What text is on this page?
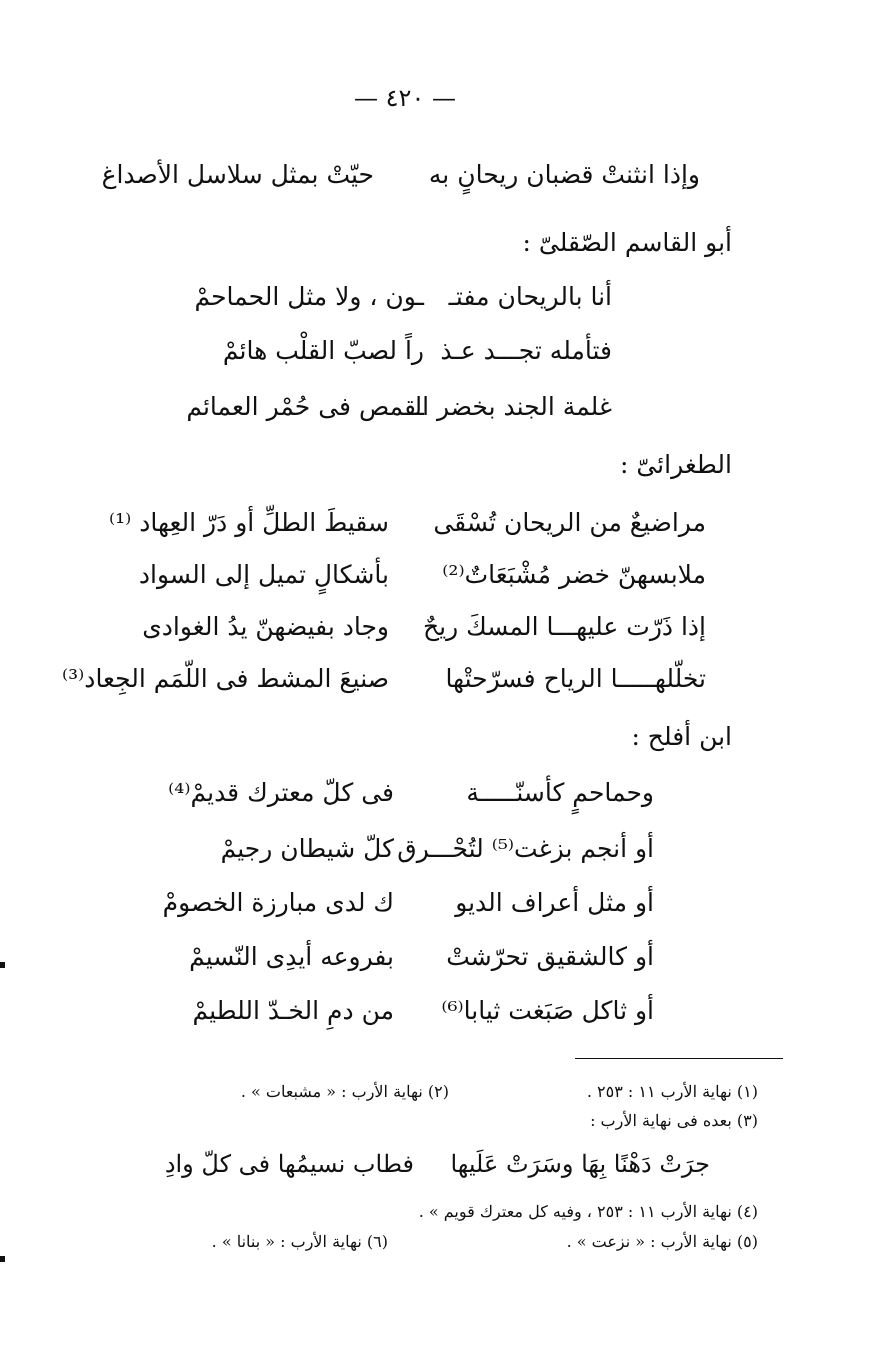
— ٤٢٠ —
وإذا انثنتْ قضبان ريحانٍ به
حيّتْ بمثل سلاسل الأصداغ
أبو القاسم الصّقلىّ :
أنا بالريحان مفتـ
ـون ، ولا مثل الحماحمْ
فتأمله تجـــد عـذ
راً لصبّ القلْب هائمْ
غلمة الجند بخضر الـ
ـقمص فى حُمْر العمائم
الطغرائىّ :
مراضيعٌ من الريحان تُسْقَى
سقيطَ الطلِّ أو دَرّ العِهاد ⁽¹⁾
ملابسهنّ خضر مُشْبَعَاتٌ⁽²⁾
بأشكالٍ تميل إلى السواد
إذا ذَرّت عليهـــا المسكَ ريحٌ
وجاد بفيضهنّ يدُ الغوادى
تخلّلهـــــا الرياح فسرّحتْها
صنيعَ المشط فى اللّمَم الجِعاد⁽³⁾
ابن أفلح :
وحماحمٍ كأسنّـــــة
فى كلّ معترك قديمْ⁽⁴⁾
أو أنجم بزغت⁽⁵⁾ لتُحْـــرق
كلّ شيطان رجيمْ
أو مثل أعراف الديو
ك لدى مبارزة الخصومْ
أو كالشقيق تحرّشتْ
بفروعه أيدِى النّسيمْ
أو ثاكل صَبَغت ثيابا⁽⁶⁾
من دمِ الخـدّ اللطيمْ
(١) نهاية الأرب ١١ : ٢٥٣ .
(٢) نهاية الأرب : « مشبعات » .
(٣) بعده فى نهاية الأرب :
جرَتْ دَهْنًا بِهَا وسَرَتْ عَلَيها
فطاب نسيمُها فى كلّ وادِ
(٤) نهاية الأرب ١١ : ٢٥٣ ، وفيه كل معترك قويم » .
(٥) نهاية الأرب : « نزعت » .
(٦) نهاية الأرب : « بنانا » .
